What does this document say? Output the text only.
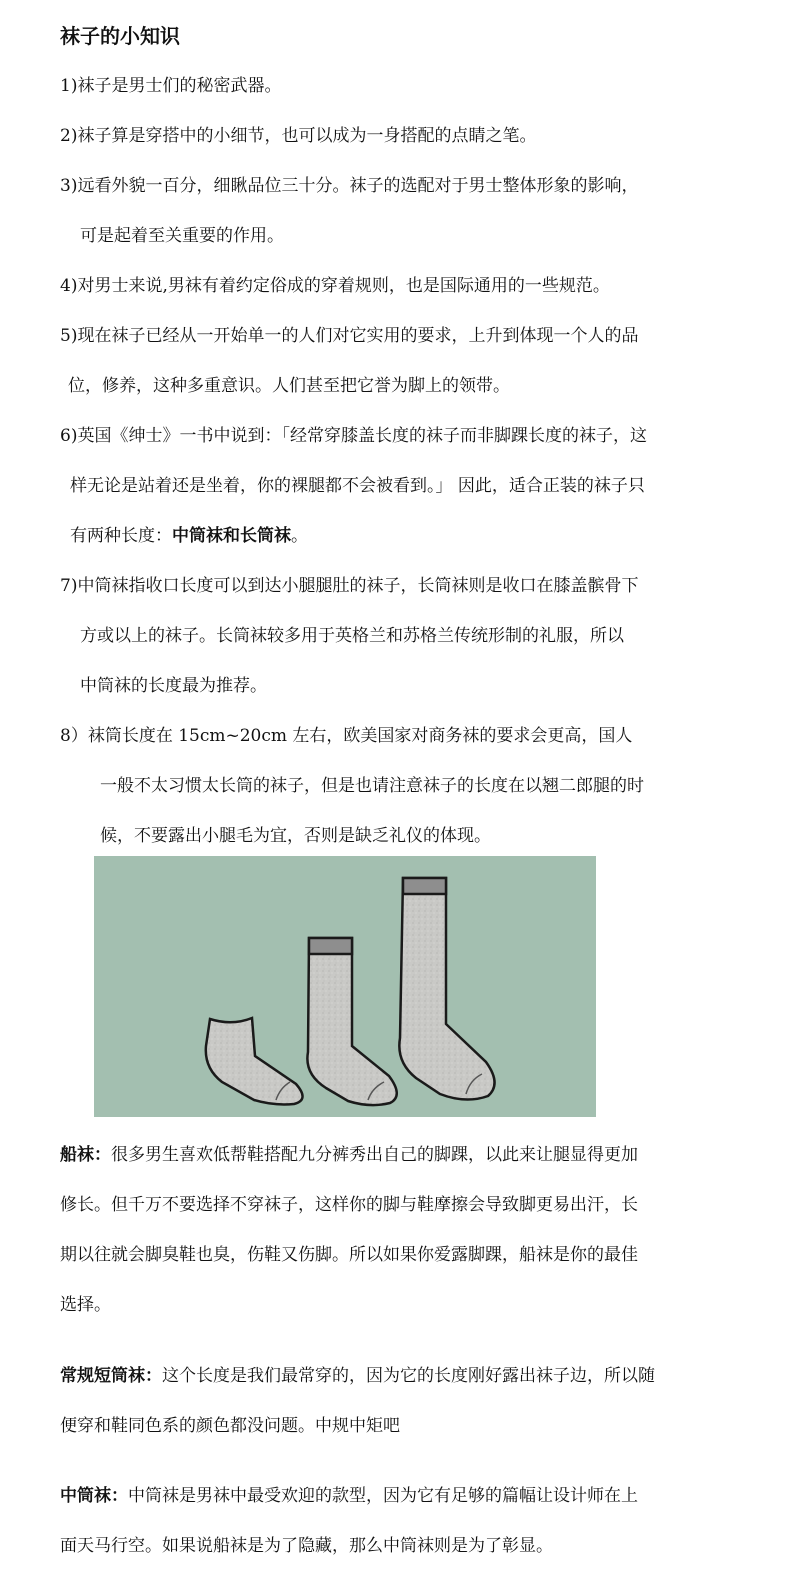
袜子的小知识
1)袜子是男士们的秘密武器。
2)袜子算是穿搭中的小细节，也可以成为一身搭配的点睛之笔。
3)远看外貌一百分，细瞅品位三十分。袜子的选配对于男士整体形象的影响，
可是起着至关重要的作用。
4)对男士来说,男袜有着约定俗成的穿着规则，也是国际通用的一些规范。
5)现在袜子已经从一开始单一的人们对它实用的要求，上升到体现一个人的品
位，修养，这种多重意识。人们甚至把它誉为脚上的领带。
6)英国《绅士》一书中说到：「经常穿膝盖长度的袜子而非脚踝长度的袜子，这
样无论是站着还是坐着，你的裸腿都不会被看到。」 因此，适合正装的袜子只
有两种长度：中筒袜和长筒袜。
7)中筒袜指收口长度可以到达小腿腿肚的袜子，长筒袜则是收口在膝盖髌骨下
方或以上的袜子。长筒袜较多用于英格兰和苏格兰传统形制的礼服，所以
中筒袜的长度最为推荐。
8）袜筒长度在 15cm~20cm 左右，欧美国家对商务袜的要求会更高，国人
一般不太习惯太长筒的袜子，但是也请注意袜子的长度在以翘二郎腿的时
候，不要露出小腿毛为宜，否则是缺乏礼仪的体现。
船袜：很多男生喜欢低帮鞋搭配九分裤秀出自己的脚踝，以此来让腿显得更加
修长。但千万不要选择不穿袜子，这样你的脚与鞋摩擦会导致脚更易出汗，长
期以往就会脚臭鞋也臭，伤鞋又伤脚。所以如果你爱露脚踝，船袜是你的最佳
选择。
常规短筒袜：这个长度是我们最常穿的，因为它的长度刚好露出袜子边，所以随
便穿和鞋同色系的颜色都没问题。中规中矩吧
中筒袜：中筒袜是男袜中最受欢迎的款型，因为它有足够的篇幅让设计师在上
面天马行空。如果说船袜是为了隐藏，那么中筒袜则是为了彰显。
